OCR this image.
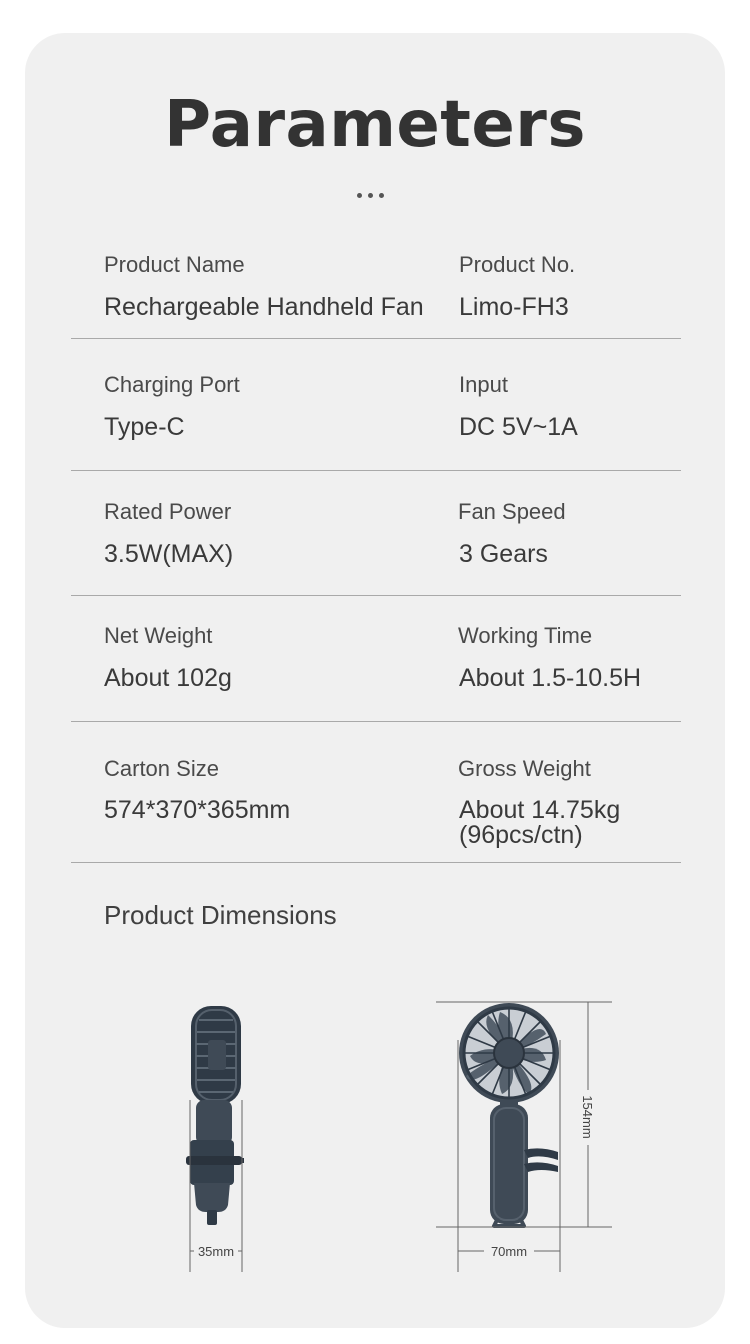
Parameters
Product Name
Rechargeable Handheld Fan
Product No.
Limo-FH3
Charging Port
Type-C
Input
DC 5V~1A
Rated Power
3.5W(MAX)
Fan Speed
3 Gears
Net Weight
About 102g
Working Time
About 1.5-10.5H
Carton Size
574*370*365mm
Gross Weight
About 14.75kg
(96pcs/ctn)
Product Dimensions
35mm	70mm
154mm
